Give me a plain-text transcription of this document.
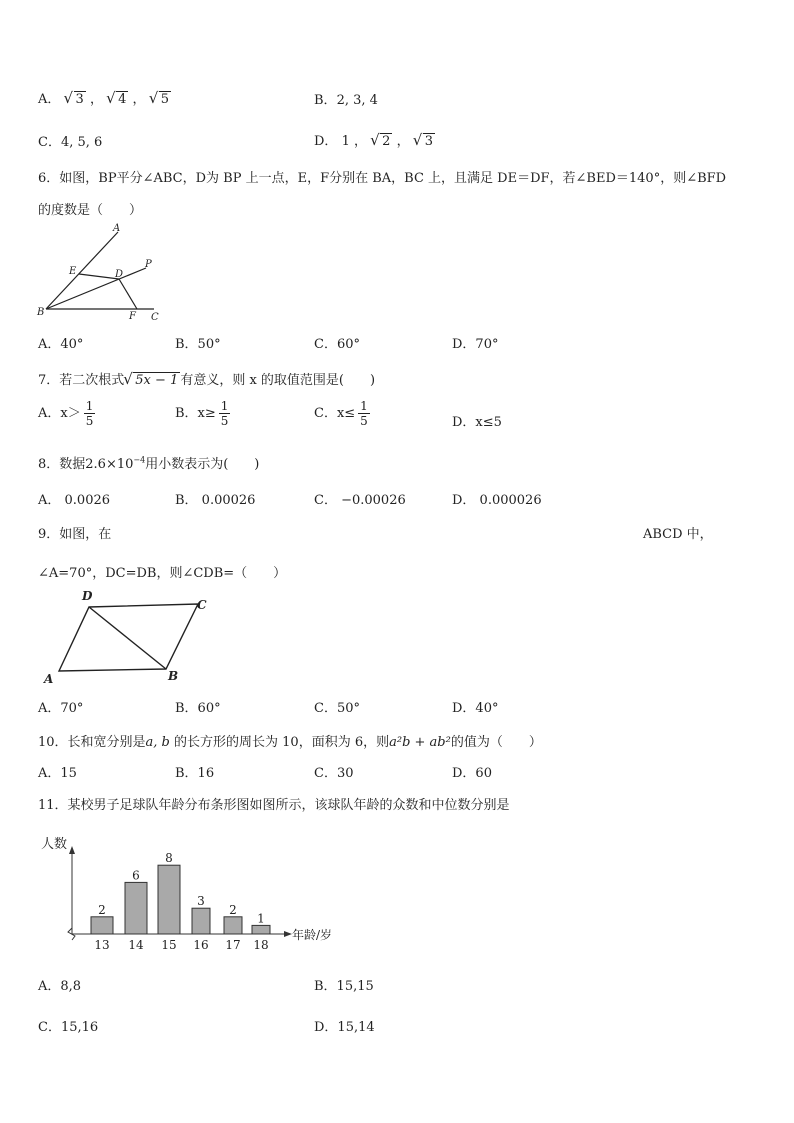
A． √ 3 ， √ 4 ， √ 5	B．2, 3, 4
C．4, 5, 6	D． 1 ， √ 2 ， √ 3
6．如图，BP平分∠ABC，D为 BP 上一点，E，F分别在 BA，BC 上，且满足 DE＝DF，若∠BED＝140°，则∠BFD
的度数是（　　）
A
E	D
P
B	F C
A．40°	B．50°	C．60°	D．70°
7．若二次根式 √ 5x − 1 有意义，则 x 的取值范围是(　　)
A．$x> \frac{1}{5}$	B．$x\ge \frac{1}{5}$	C．$x\le \frac{1}{5}$	D．x≤5
8．数据$2.6\times 10^{-4}$用小数表示为(　　)
A． 0.0026	B． 0.00026	C． −0.00026	D． 0.000026
9．如图，在	ABCD 中，
∠A=70°，DC=DB，则∠CDB=（　　）
D
C
A	B
A．70°	B．60°	C．50°	D．40°
10．长和宽分别是a, b 的长方形的周长为 10，面积为 6，则a²b + ab²的值为（　　）
A．15	B．16	C．30	D．60
11．某校男子足球队年龄分布条形图如图所示，该球队年龄的众数和中位数分别是
人数
年龄/岁
2
13
6
14
8
15
3
16
2
17
1
18
A．8,8	B．15,15
C．15,16	D．15,14
